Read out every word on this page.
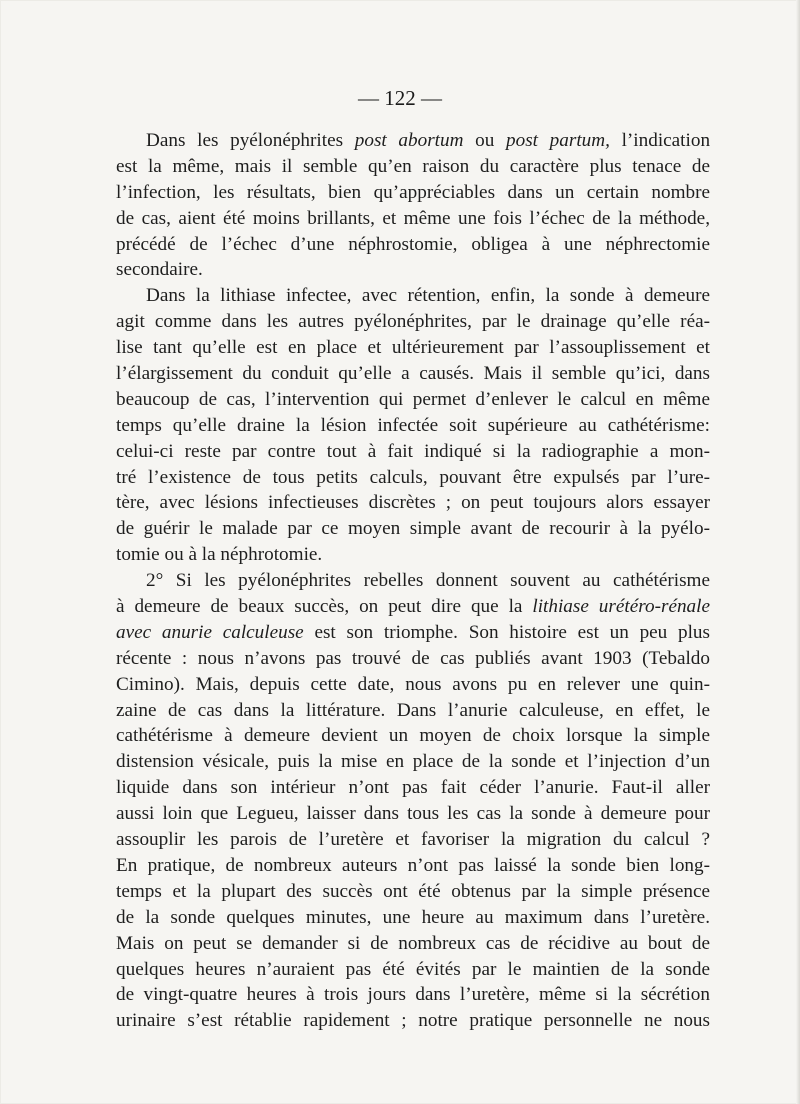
— 122 —
Dans les pyélonéphrites post abortum ou post partum, l’indication
est la même, mais il semble qu’en raison du caractère plus tenace de
l’infection, les résultats, bien qu’appréciables dans un certain nombre
de cas, aient été moins brillants, et même une fois l’échec de la méthode,
précédé de l’échec d’une néphrostomie, obligea à une néphrectomie
secondaire.
Dans la lithiase infectee, avec rétention, enfin, la sonde à demeure
agit comme dans les autres pyélonéphrites, par le drainage qu’elle réa-
lise tant qu’elle est en place et ultérieurement par l’assouplissement et
l’élargissement du conduit qu’elle a causés. Mais il semble qu’ici, dans
beaucoup de cas, l’intervention qui permet d’enlever le calcul en même
temps qu’elle draine la lésion infectée soit supérieure au cathétérisme:
celui-ci reste par contre tout à fait indiqué si la radiographie a mon-
tré l’existence de tous petits calculs, pouvant être expulsés par l’ure-
tère, avec lésions infectieuses discrètes ; on peut toujours alors essayer
de guérir le malade par ce moyen simple avant de recourir à la pyélo-
tomie ou à la néphrotomie.
2° Si les pyélonéphrites rebelles donnent souvent au cathétérisme
à demeure de beaux succès, on peut dire que la lithiase urétéro-rénale
avec anurie calculeuse est son triomphe. Son histoire est un peu plus
récente : nous n’avons pas trouvé de cas publiés avant 1903 (Tebaldo
Cimino). Mais, depuis cette date, nous avons pu en relever une quin-
zaine de cas dans la littérature. Dans l’anurie calculeuse, en effet, le
cathétérisme à demeure devient un moyen de choix lorsque la simple
distension vésicale, puis la mise en place de la sonde et l’injection d’un
liquide dans son intérieur n’ont pas fait céder l’anurie. Faut-il aller
aussi loin que Legueu, laisser dans tous les cas la sonde à demeure pour
assouplir les parois de l’uretère et favoriser la migration du calcul ?
En pratique, de nombreux auteurs n’ont pas laissé la sonde bien long-
temps et la plupart des succès ont été obtenus par la simple présence
de la sonde quelques minutes, une heure au maximum dans l’uretère.
Mais on peut se demander si de nombreux cas de récidive au bout de
quelques heures n’auraient pas été évités par le maintien de la sonde
de vingt-quatre heures à trois jours dans l’uretère, même si la sécrétion
urinaire s’est rétablie rapidement ; notre pratique personnelle ne nous
